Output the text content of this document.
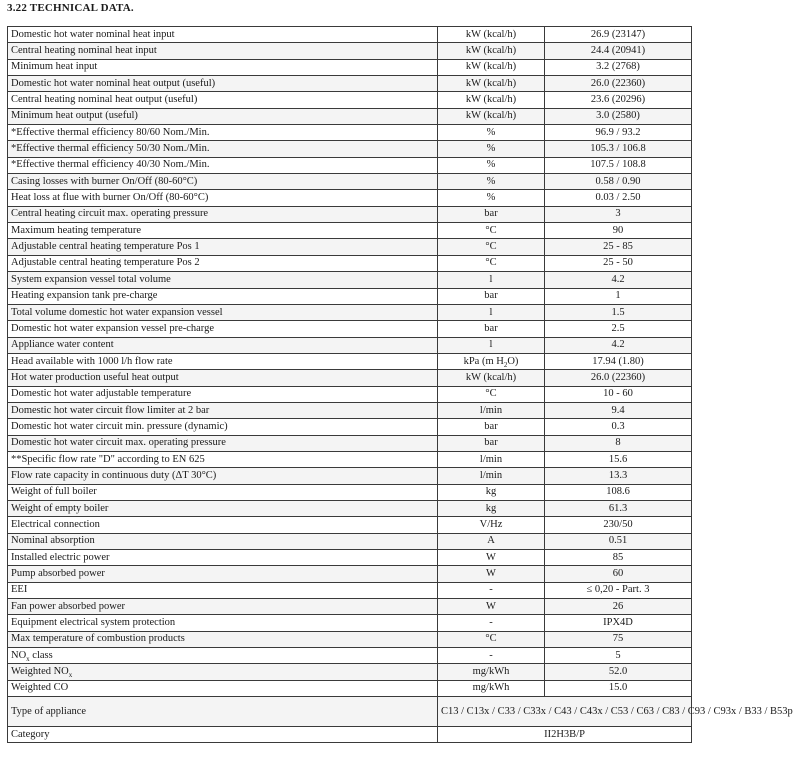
3.22 TECHNICAL DATA.
Domestic hot water nominal heat input	kW (kcal/h)	26.9 (23147)
Central heating nominal heat input	kW (kcal/h)	24.4 (20941)
Minimum heat input	kW (kcal/h)	3.2 (2768)
Domestic hot water nominal heat output (useful)	kW (kcal/h)	26.0 (22360)
Central heating nominal heat output (useful)	kW (kcal/h)	23.6 (20296)
Minimum heat output (useful)	kW (kcal/h)	3.0 (2580)
*Effective thermal efficiency 80/60 Nom./Min.	%	96.9 / 93.2
*Effective thermal efficiency 50/30 Nom./Min.	%	105.3 / 106.8
*Effective thermal efficiency 40/30 Nom./Min.	%	107.5 / 108.8
Casing losses with burner On/Off (80-60°C)	%	0.58 / 0.90
Heat loss at flue with burner On/Off (80-60°C)	%	0.03 / 2.50
Central heating circuit max. operating pressure	bar	3
Maximum heating temperature	°C	90
Adjustable central heating temperature Pos 1	°C	25 - 85
Adjustable central heating temperature Pos 2	°C	25 - 50
System expansion vessel total volume	l	4.2
Heating expansion tank pre-charge	bar	1
Total volume domestic hot water expansion vessel	l	1.5
Domestic hot water expansion vessel pre-charge	bar	2.5
Appliance water content	l	4.2
Head available with 1000 l/h flow rate	kPa (m $H_2O$)	17.94 (1.80)
Hot water production useful heat output	kW (kcal/h)	26.0 (22360)
Domestic hot water adjustable temperature	°C	10 - 60
Domestic hot water circuit flow limiter at 2 bar	l/min	9.4
Domestic hot water circuit min. pressure (dynamic)	bar	0.3
Domestic hot water circuit max. operating pressure	bar	8
**Specific flow rate "D" according to EN 625	l/min	15.6
Flow rate capacity in continuous duty (ΔT 30°C)	l/min	13.3
Weight of full boiler	kg	108.6
Weight of empty boiler	kg	61.3
Electrical connection	V/Hz	230/50
Nominal absorption	A	0.51
Installed electric power	W	85
Pump absorbed power	W	60
EEI	-	≤ 0,20 - Part. 3
Fan power absorbed power	W	26
Equipment electrical system protection	-	IPX4D
Max temperature of combustion products	°C	75
$NO_x$ class	-	5
Weighted $NO_x$	mg/kWh	52.0
Weighted CO	mg/kWh	15.0
Type of appliance	C13 / C13x / C33 / C33x / C43 / C43x / C53 / C63 / C83 / C93 / C93x / B33 / B53p	
Category	II2H3B/P	
